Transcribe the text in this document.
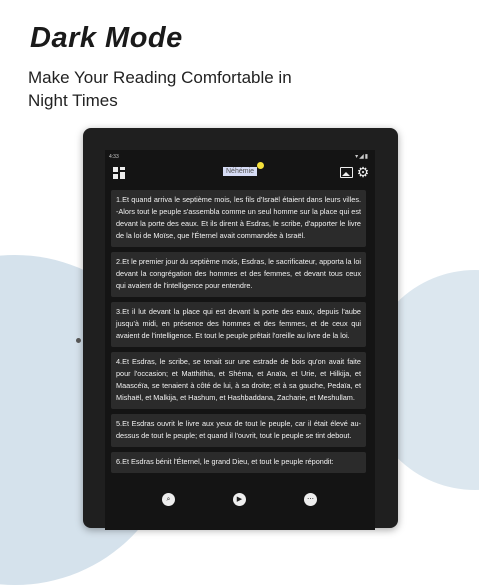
Dark Mode

Make Your Reading Comfortable in Night Times

4:33	▾◢▮
Néhémie	⚙
1.Et quand arriva le septième mois, les fils d'Israël étaient dans leurs villes. -Alors tout le peuple s'assembla comme un seul homme sur la place qui est devant la porte des eaux. Et ils dirent à Esdras, le scribe, d'apporter le livre de la loi de Moïse, que l'Éternel avait commandée à Israël.
2.Et le premier jour du septième mois, Esdras, le sacrificateur, apporta la loi devant la congrégation des hommes et des femmes, et devant tous ceux qui avaient de l'intelligence pour entendre.
3.Et il lut devant la place qui est devant la porte des eaux, depuis l'aube jusqu'à midi, en présence des hommes et des femmes, et de ceux qui avaient de l'intelligence. Et tout le peuple prêtait l'oreille au livre de la loi.
4.Et Esdras, le scribe, se tenait sur une estrade de bois qu'on avait faite pour l'occasion; et Matthithia, et Shéma, et Anaïa, et Urie, et Hilkija, et Maascéïa, se tenaient à côté de lui, à sa droite; et à sa gauche, Pedaïa, et Mishaël, et Malkija, et Hashum, et Hashbaddana, Zacharie, et Meshullam.
5.Et Esdras ouvrit le livre aux yeux de tout le peuple, car il était élevé au-dessus de tout le peuple; et quand il l'ouvrit, tout le peuple se tint debout.
6.Et Esdras bénit l'Éternel, le grand Dieu, et tout le peuple répondit:
⌕	▶	⋯
